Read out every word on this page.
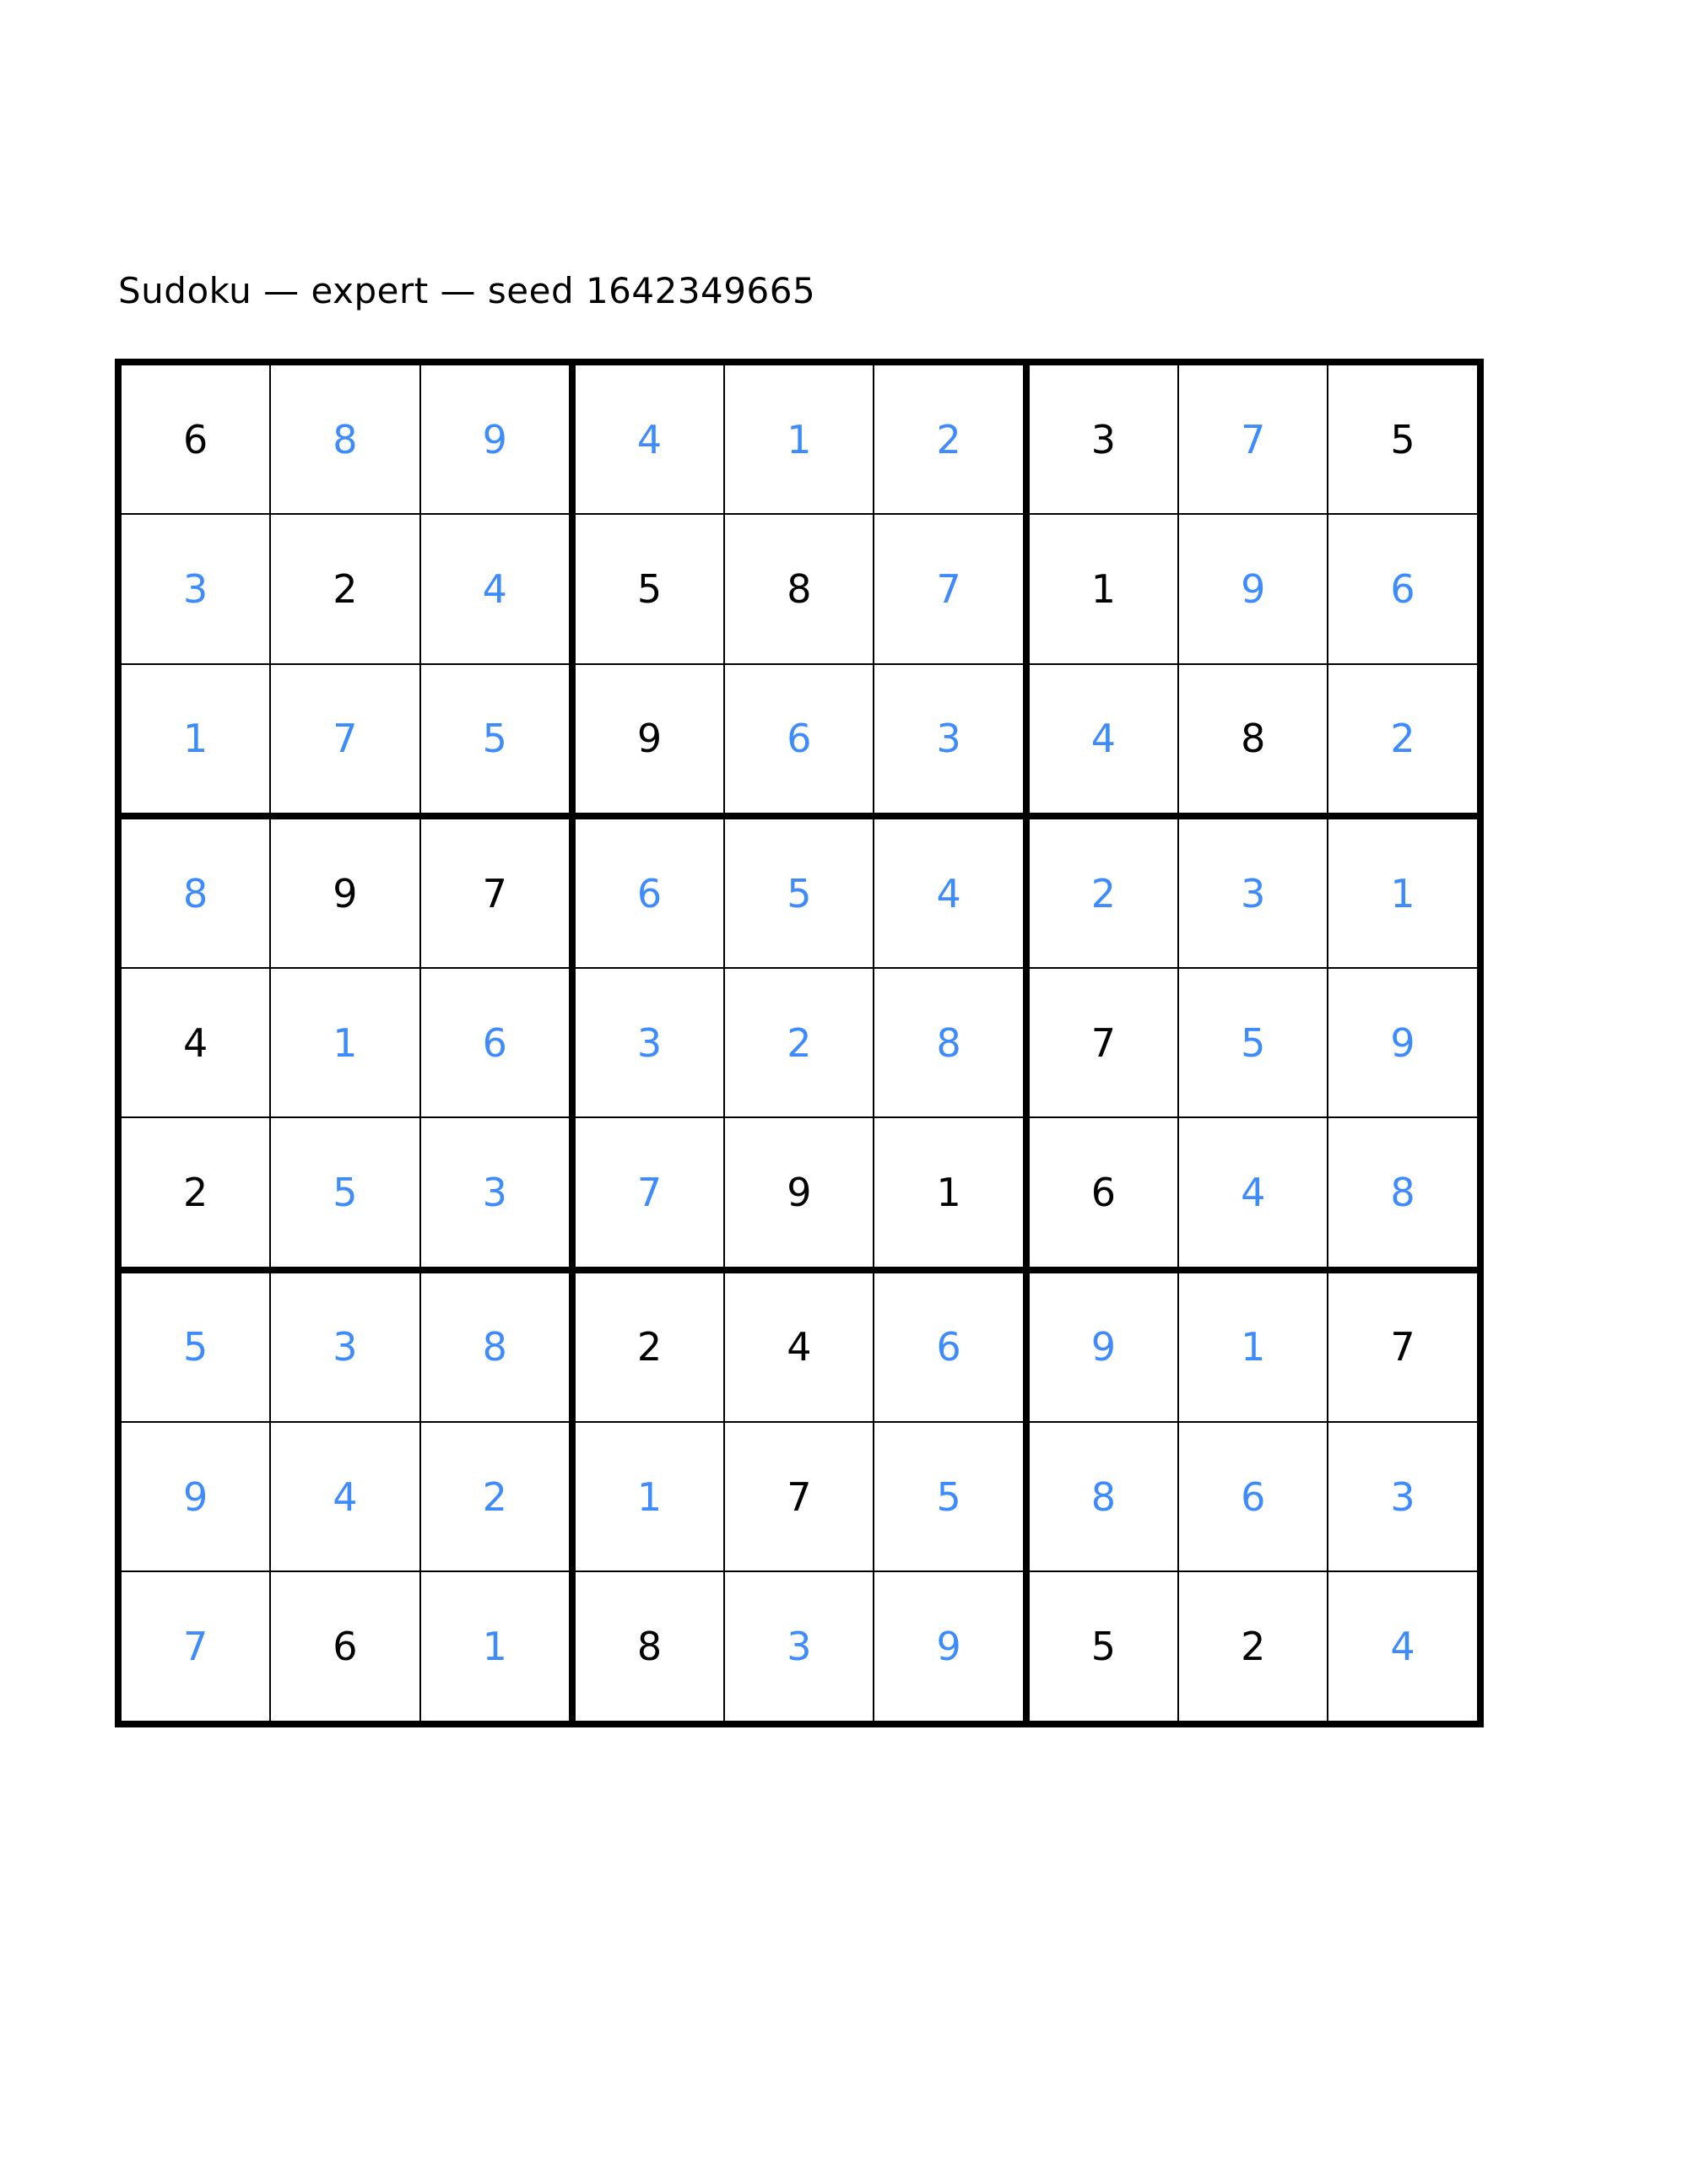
Sudoku — expert — seed 1642349665
6	8	9	4	1	2	3	7	5
3	2	4	5	8	7	1	9	6
1	7	5	9	6	3	4	8	2
8	9	7	6	5	4	2	3	1
4	1	6	3	2	8	7	5	9
2	5	3	7	9	1	6	4	8
5	3	8	2	4	6	9	1	7
9	4	2	1	7	5	8	6	3
7	6	1	8	3	9	5	2	4
